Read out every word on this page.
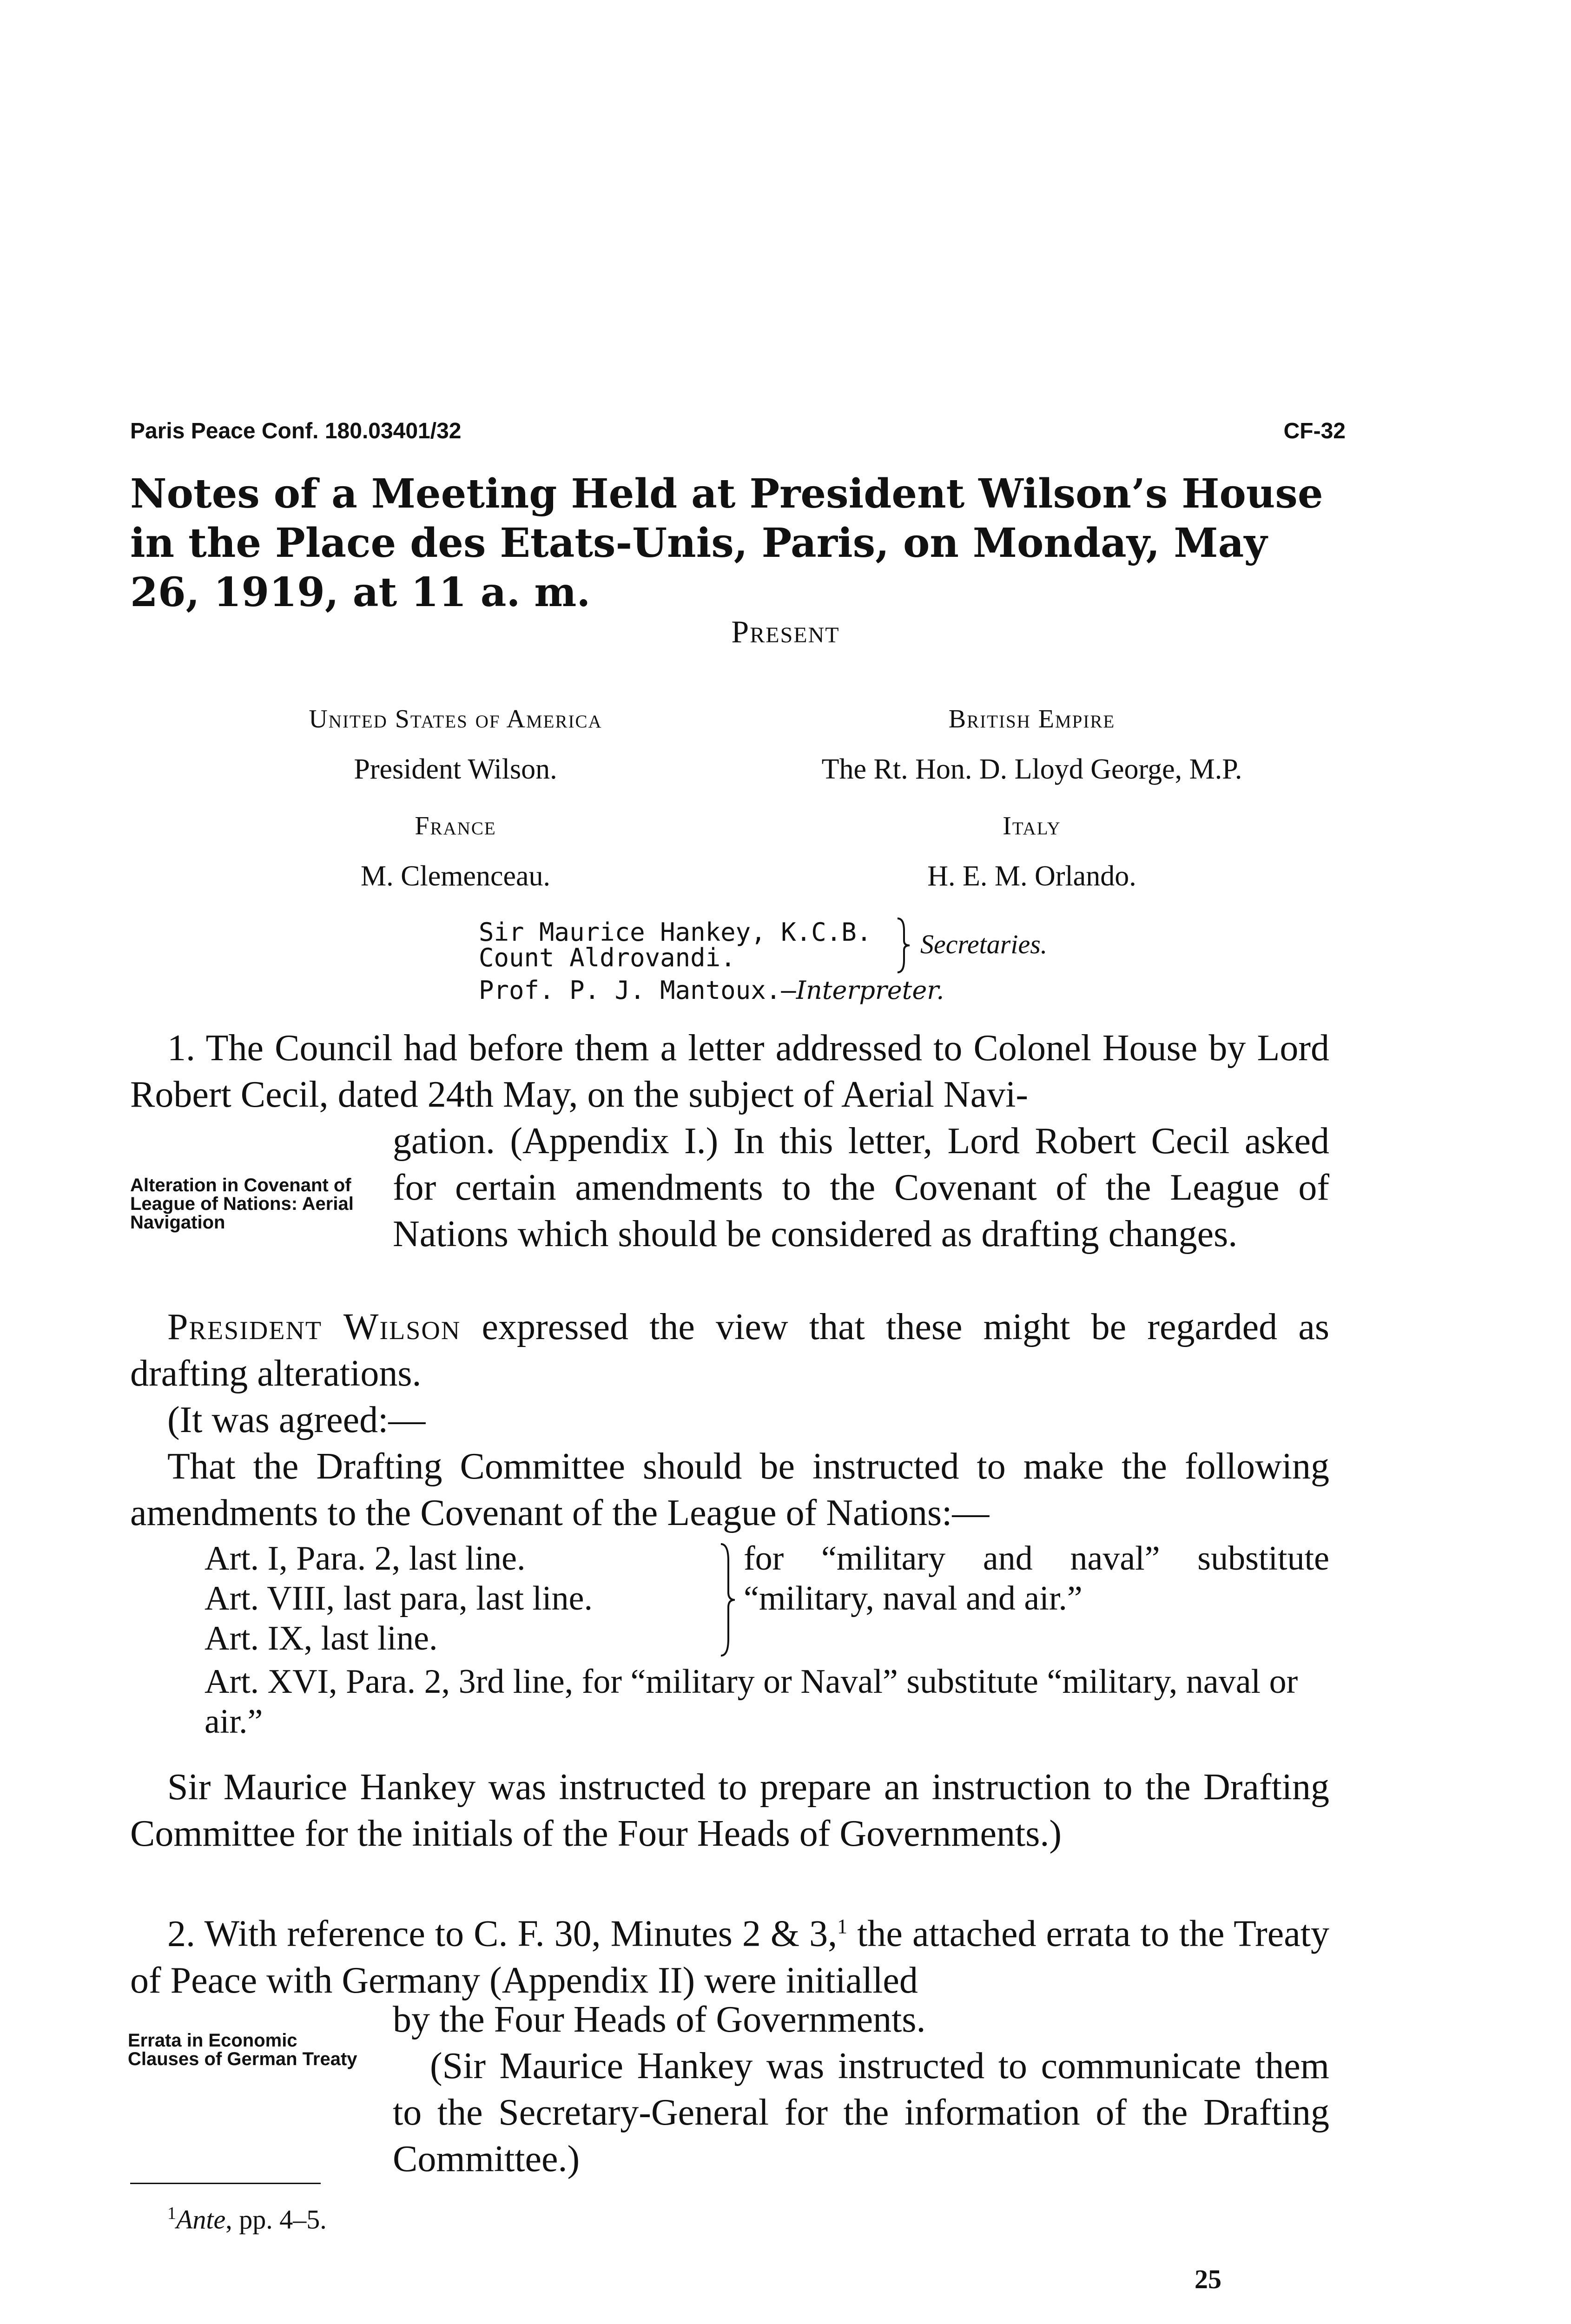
Paris Peace Conf. 180.03401/32	CF-32
Notes of a Meeting Held at President Wilson’s House in the Place des Etats-Unis, Paris, on Monday, May 26, 1919, at 11 a. m.
Present
United States of America
President Wilson.
British Empire
The Rt. Hon. D. Lloyd George, M.P.
France
M. Clemenceau.
Italy
H. E. M. Orlando.
Sir Maurice Hankey, K.C.B.
Count Aldrovandi.	Secretaries.
Prof. P. J. Mantoux.—Interpreter.
1. The Council had before them a letter addressed to Colonel House by Lord Robert Cecil, dated 24th May, on the subject of Aerial Navi-
Alteration in Covenant of League of Nations: Aerial Navigation
gation. (Appendix I.) In this letter, Lord Robert Cecil asked for certain amendments to the Covenant of the League of Nations which should be considered as drafting changes.
President Wilson expressed the view that these might be regarded as drafting alterations.
(It was agreed:—
That the Drafting Committee should be instructed to make the following amendments to the Covenant of the League of Nations:—
Art. I, Para. 2, last line.
Art. VIII, last para, last line.
Art. IX, last line.
for “military and naval” substitute “military, naval and air.”
Art. XVI, Para. 2, 3rd line, for “military or Naval” substitute “military, naval or air.”
Sir Maurice Hankey was instructed to prepare an instruction to the Drafting Committee for the initials of the Four Heads of Governments.)
2. With reference to C. F. 30, Minutes 2 & 3,$^1$ the attached errata to the Treaty of Peace with Germany (Appendix II) were initialled
by the Four Heads of Governments.
Errata in Economic Clauses of German Treaty	(Sir Maurice Hankey was instructed to communicate them to the Secretary-General for the information of the Drafting Committee.)
$^1$Ante, pp. 4–5.
25
